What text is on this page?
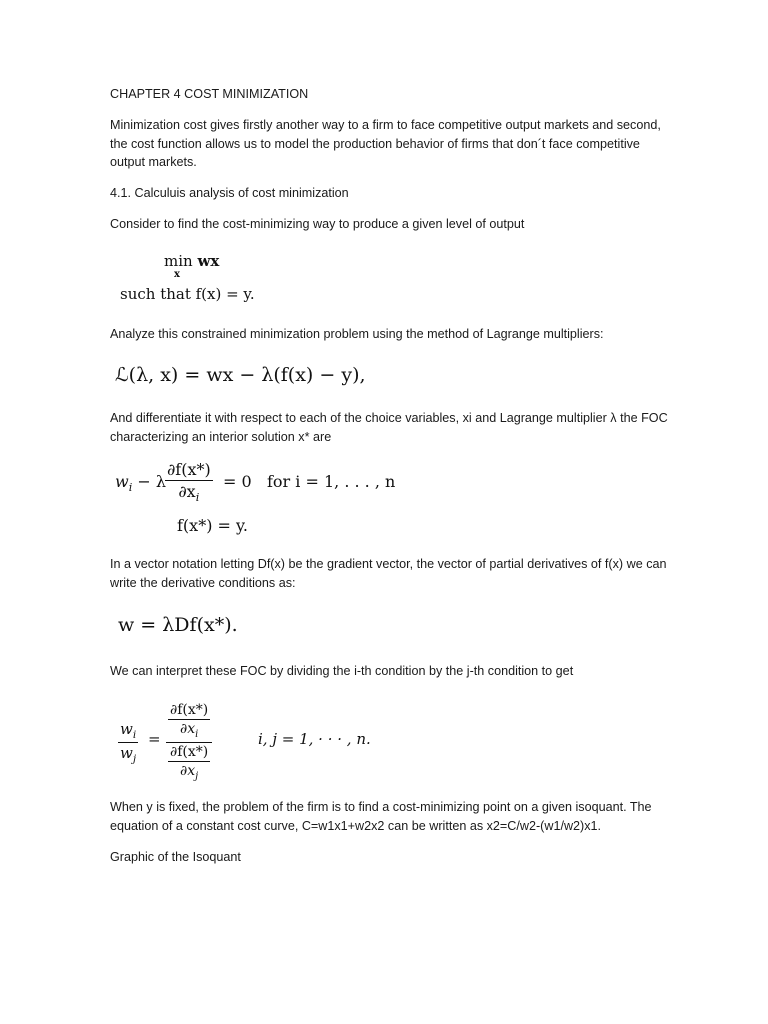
CHAPTER 4 COST MINIMIZATION

Minimization cost gives firstly another way to a firm to face competitive output markets and second, the cost function allows us to model the production behavior of firms that don´t face competitive output markets.

4.1. Calculuis analysis of cost minimization

Consider to find the cost-minimizing way to produce a given level of output

min wx
x
such that f(x) = y.

Analyze this constrained minimization problem using the method of Lagrange multipliers:

ℒ(λ, x) = wx − λ(f(x) − y),

And differentiate it with respect to each of the choice variables, xi and Lagrange multiplier λ the FOC characterizing an interior solution x* are

$w_i - \lambda$
$\frac{\partial f(x*)}{\partial x_i} = 0$ for i = 1, . . . , n
f(x*) = y.

In a vector notation letting Df(x) be the gradient vector, the vector of partial derivatives of f(x) we can write the derivative conditions as:

w = λDf(x*).

We can interpret these FOC by dividing the i-th condition by the j-th condition to get

$\frac{w_i}{w_j} = \frac{\frac{\partial f(x*)}{\partial x_i}}{\frac{\partial f(x*)}{\partial x_j}}$	i, j = 1, · · · , n.

When y is fixed, the problem of the firm is to find a cost-minimizing point on a given isoquant. The equation of a constant cost curve, C=w1x1+w2x2 can be written as x2=C/w2-(w1/w2)x1.

Graphic of the Isoquant
